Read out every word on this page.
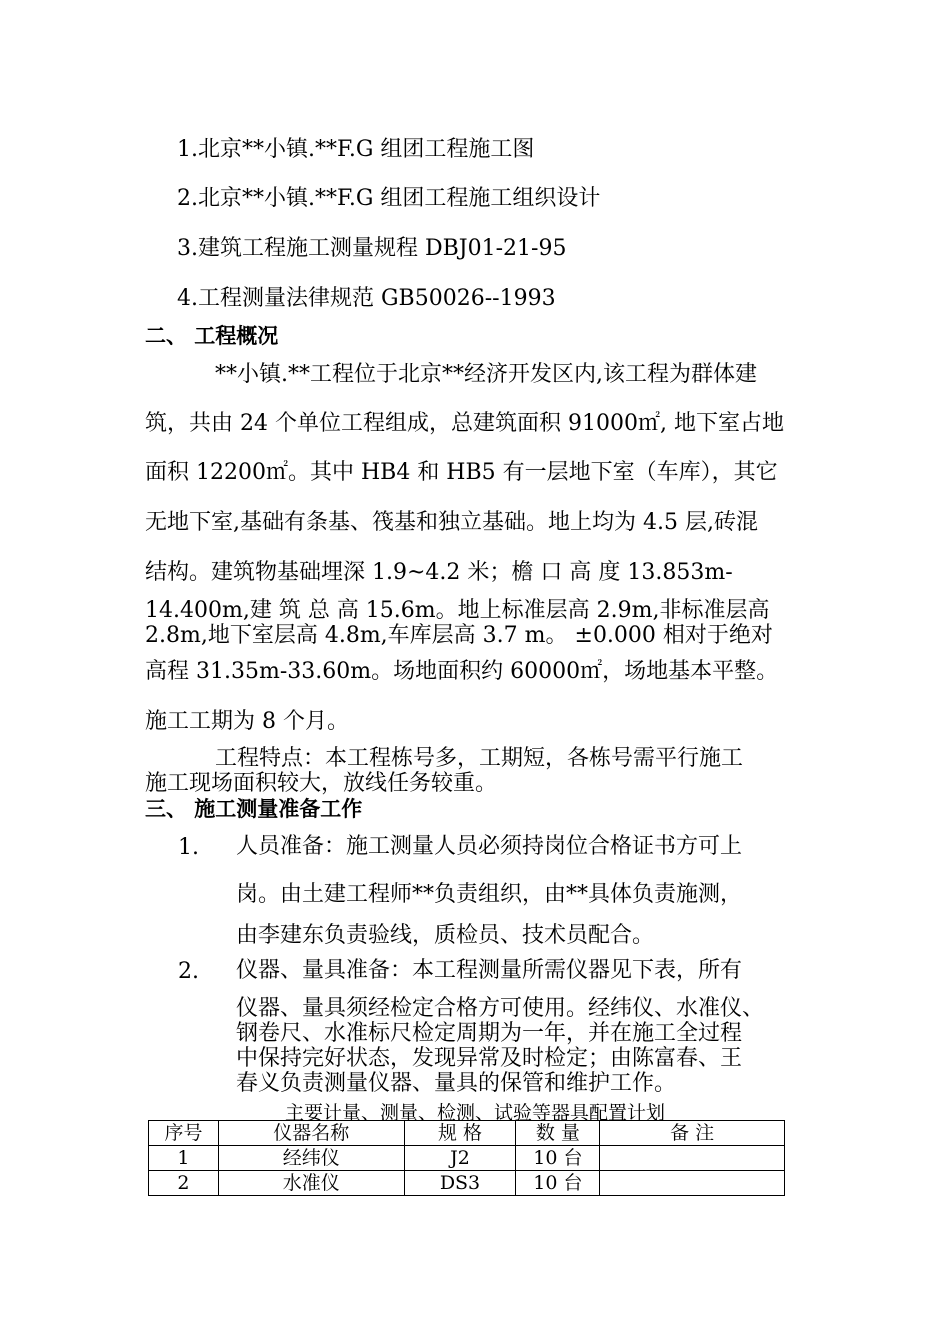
1.北京**小镇.**F.G 组团工程施工图
2.北京**小镇.**F.G 组团工程施工组织设计
3.建筑工程施工测量规程 DBJ01-21-95
4.工程测量法律规范 GB50026--1993
二、 工程概况
**小镇.**工程位于北京**经济开发区内,该工程为群体建
筑，共由 24 个单位工程组成，总建筑面积 91000㎡, 地下室占地
面积 12200㎡。其中 HB4 和 HB5 有一层地下室（车库），其它
无地下室,基础有条基、筏基和独立基础。地上均为 4.5 层,砖混
结构。建筑物基础埋深 1.9~4.2 米；檐 口 高 度 13.853m-
14.400m,建 筑 总 高 15.6m。地上标准层高 2.9m,非标准层高
2.8m,地下室层高 4.8m,车库层高 3.7 m。 ±0.000 相对于绝对
高程 31.35m-33.60m。场地面积约 60000㎡，场地基本平整。
施工工期为 8 个月。
工程特点：本工程栋号多，工期短，各栋号需平行施工
施工现场面积较大，放线任务较重。
三、 施工测量准备工作
1. 人员准备：施工测量人员必须持岗位合格证书方可上
岗。由土建工程师**负责组织，由**具体负责施测，
由李建东负责验线，质检员、技术员配合。
2. 仪器、量具准备：本工程测量所需仪器见下表，所有
仪器、量具须经检定合格方可使用。经纬仪、水准仪、
钢卷尺、水准标尺检定周期为一年，并在施工全过程
中保持完好状态，发现异常及时检定；由陈富春、王
春义负责测量仪器、量具的保管和维护工作。
主要计量、测量、检测、试验等器具配置计划
序号	仪器名称	规 格	数 量	备 注
1	经纬仪	J2	10 台	
2	水准仪	DS3	10 台	
